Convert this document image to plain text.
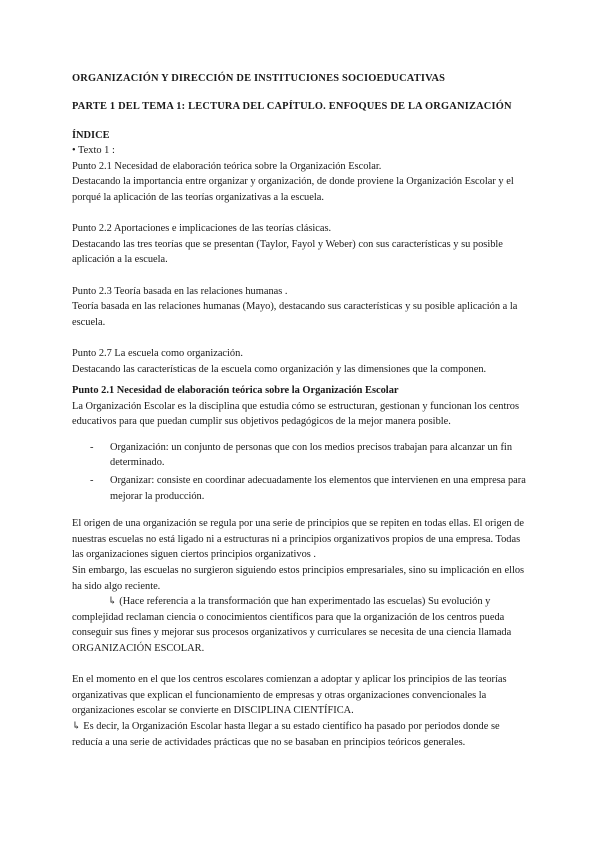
ORGANIZACIÓN Y DIRECCIÓN DE INSTITUCIONES SOCIOEDUCATIVAS

PARTE 1 DEL TEMA 1: LECTURA DEL CAPÍTULO. ENFOQUES DE LA ORGANIZACIÓN

ÍNDICE

• Texto 1 :

Punto 2.1 Necesidad de elaboración teórica sobre la Organización Escolar.

Destacando la importancia entre organizar y organización, de donde proviene la Organización Escolar y el porqué la aplicación de las teorías organizativas a la escuela.

Punto 2.2 Aportaciones e implicaciones de las teorías clásicas.

Destacando las tres teorías que se presentan (Taylor, Fayol y Weber) con sus características y su posible aplicación a la escuela.

Punto 2.3 Teoría basada en las relaciones humanas .

Teoría basada en las relaciones humanas (Mayo), destacando sus características y su posible aplicación a la escuela.

Punto 2.7 La escuela como organización.

Destacando las características de la escuela como organización y las dimensiones que la componen.

Punto 2.1 Necesidad de elaboración teórica sobre la Organización Escolar

La Organización Escolar es la disciplina que estudia cómo se estructuran, gestionan y funcionan los centros educativos para que puedan cumplir sus objetivos pedagógicos de la mejor manera posible.

- Organización: un conjunto de personas que con los medios precisos trabajan para alcanzar un fin determinado.
- Organizar: consiste en coordinar adecuadamente los elementos que intervienen en una empresa para mejorar la producción.

El origen de una organización se regula por una serie de principios que se repiten en todas ellas. El origen de nuestras escuelas no está ligado ni a estructuras ni a principios organizativos propios de una empresa. Todas las organizaciones siguen ciertos principios organizativos .

Sin embargo, las escuelas no surgieron siguiendo estos principios empresariales, sino su implicación en ellos ha sido algo reciente.

↳ (Hace referencia a la transformación que han experimentado las escuelas) Su evolución y complejidad reclaman ciencia o conocimientos científicos para que la organización de los centros pueda conseguir sus fines y mejorar sus procesos organizativos y curriculares se necesita de una ciencia llamada ORGANIZACIÓN ESCOLAR.

En el momento en el que los centros escolares comienzan a adoptar y aplicar los principios de las teorías organizativas que explican el funcionamiento de empresas y otras organizaciones convencionales la organizaciones escolar se convierte en DISCIPLINA CIENTÍFICA.

↳ Es decir, la Organización Escolar hasta llegar a su estado científico ha pasado por periodos donde se reducía a una serie de actividades prácticas que no se basaban en principios teóricos generales.
